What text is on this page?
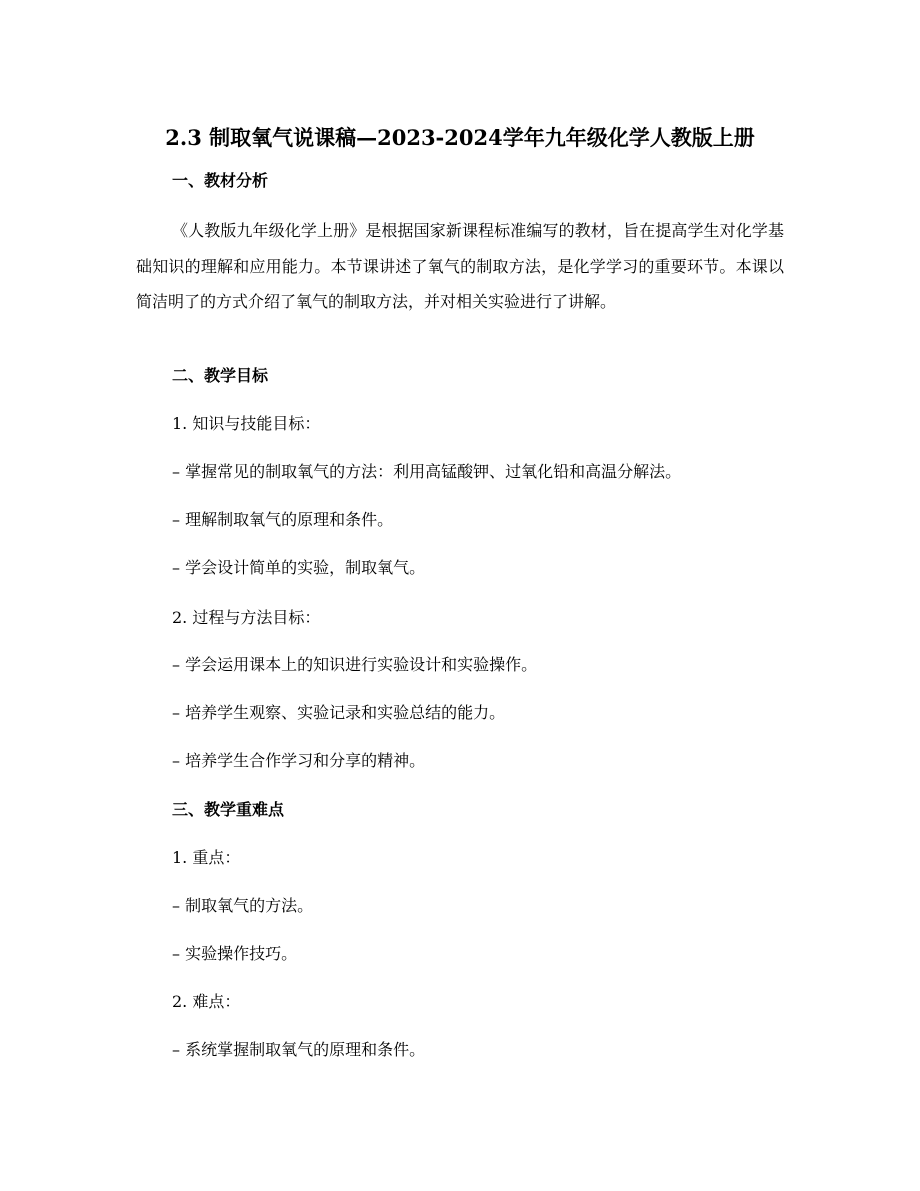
2.3 制取氧气说课稿—2023-2024学年九年级化学人教版上册
一、教材分析
《人教版九年级化学上册》是根据国家新课程标准编写的教材，旨在提高学生对化学基础知识的理解和应用能力。本节课讲述了氧气的制取方法，是化学学习的重要环节。本课以简洁明了的方式介绍了氧气的制取方法，并对相关实验进行了讲解。
二、教学目标
1. 知识与技能目标：
– 掌握常见的制取氧气的方法：利用高锰酸钾、过氧化铅和高温分解法。
– 理解制取氧气的原理和条件。
– 学会设计简单的实验，制取氧气。
2. 过程与方法目标：
– 学会运用课本上的知识进行实验设计和实验操作。
– 培养学生观察、实验记录和实验总结的能力。
– 培养学生合作学习和分享的精神。
三、教学重难点
1. 重点：
– 制取氧气的方法。
– 实验操作技巧。
2. 难点：
– 系统掌握制取氧气的原理和条件。
